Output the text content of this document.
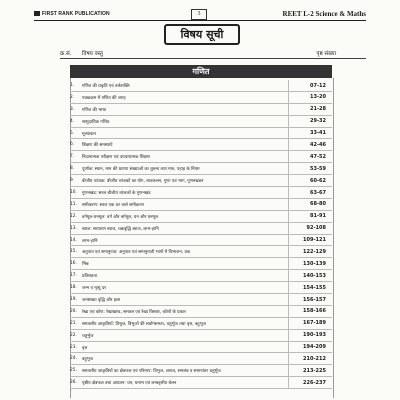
FIRST RANK PUBLICATION	3	REET L-2 Science & Maths
विषय सूची
क्र.सं. विषय वस्तु	पृष्ठ संख्या
गणित
1.	गणित की प्रकृति एवं तर्कशक्ति	07-12
2.	पाठ्यक्रम में गणित की जगह	13-20
3.	गणित की भाषा	21-28
4.	सामुदायिक गणित	29-32
5.	मूल्यांकन	33-41
6.	शिक्षण की समस्याएँ	42-46
7.	निदानात्मक परीक्षण एवं उपचारात्मक शिक्षण	47-52
8.	पूर्णांक: स्थान, मान की धारणा संख्याओं का तुलना तथा मान, पहाड़ के नियम	53-59
9.	बीजीय व्यंजक: बीजीय व्यंजकों का योग, व्यवकलन, गुणा एवं भाग, गुणनखंडन	60-62
10.	गुणनखंड: सरल बीजीय व्यंजकों के गुणनखंड	63-67
11.	समीकरण: सरल एक चर वाले समीकरण	68-80
12.	वर्गमूल-घनमूल: वर्ग और वर्गमूल, घन और घनमूल	81-91
13.	ब्याज: साधारण ब्याज, चक्रवृद्धि ब्याज, लाभ-हानि	92-108
14.	लाभ-हानि	109-121
15.	अनुपात एवं समानुपात: अनुपात एवं समानुपाती भागों में विभाजन, प्रश्न	122-129
16.	भिन्न	130-139
17.	प्रतिशतता	140-153
18.	जन्म व मृत्यु दर	154-155
19.	जनसंख्या वृद्धि और ह्रास	156-157
20.	रेखा एवं कोण: रेखाखण्ड, समतल एवं रेखा विस्तार, कोणों के प्रकार	158-166
21.	समतलीय आकृतियाँ: त्रिभुज, त्रिभुजों की सर्वांगसमता, चतुर्भुज तथा वृत्त, बहुभुज	167-189
22.	चतुर्भुज	190-193
23.	वृत्त	194-209
24.	बहुभुज	210-212
25.	समतलीय आकृतियों का क्षेत्रफल एवं परिमाप: त्रिभुज, आयत, समलंब व समानांतर चतुर्भुज	213-225
26.	पृष्ठीय क्षेत्रफल तथा आयतन: घन, घनाभ एवं लम्बवृत्तीय बेलन	226-237
